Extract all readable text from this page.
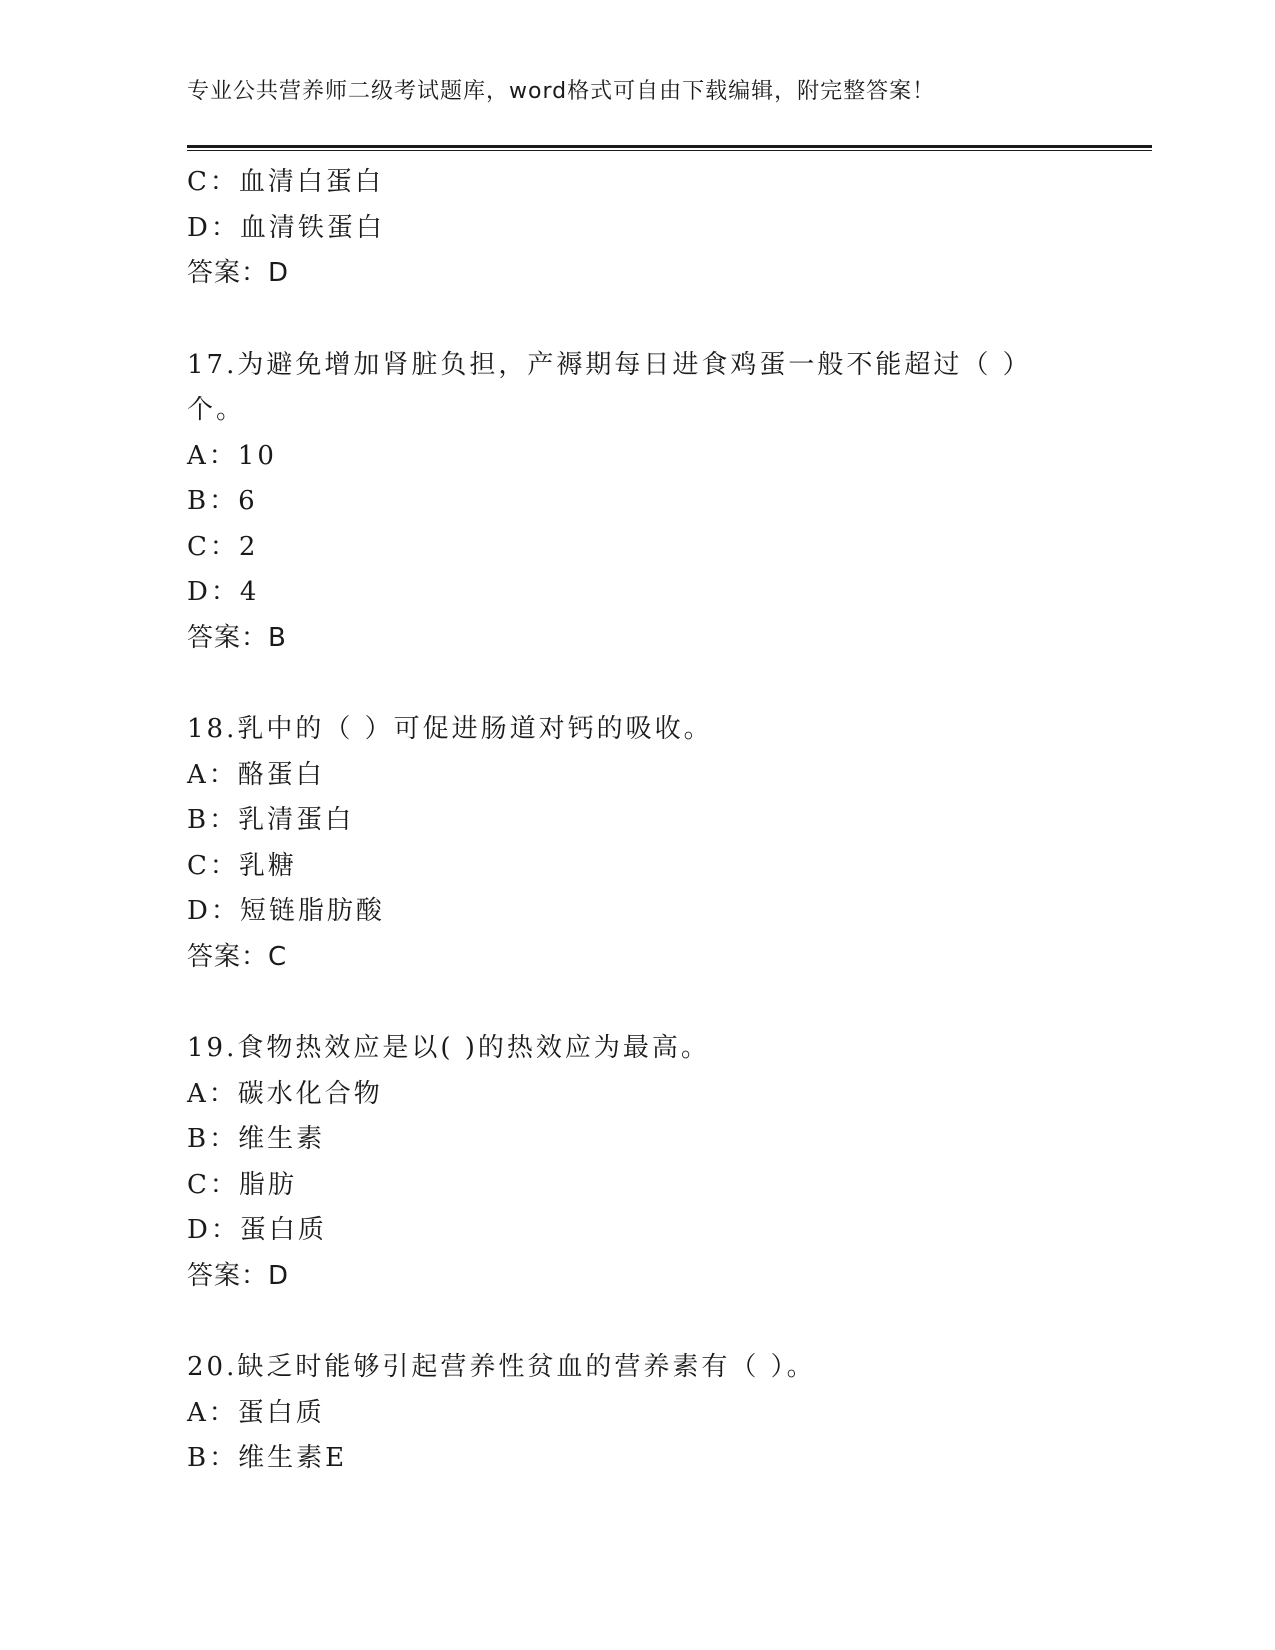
专业公共营养师二级考试题库，word格式可自由下载编辑，附完整答案！
C：血清白蛋白
D：血清铁蛋白
答案：D
17.为避免增加肾脏负担，产褥期每日进食鸡蛋一般不能超过（ ）
个。
A：10
B：6
C：2
D：4
答案：B
18.乳中的（ ）可促进肠道对钙的吸收。
A：酪蛋白
B：乳清蛋白
C：乳糖
D：短链脂肪酸
答案：C
19.食物热效应是以( )的热效应为最高。
A：碳水化合物
B：维生素
C：脂肪
D：蛋白质
答案：D
20.缺乏时能够引起营养性贫血的营养素有（ ）。
A：蛋白质
B：维生素E
